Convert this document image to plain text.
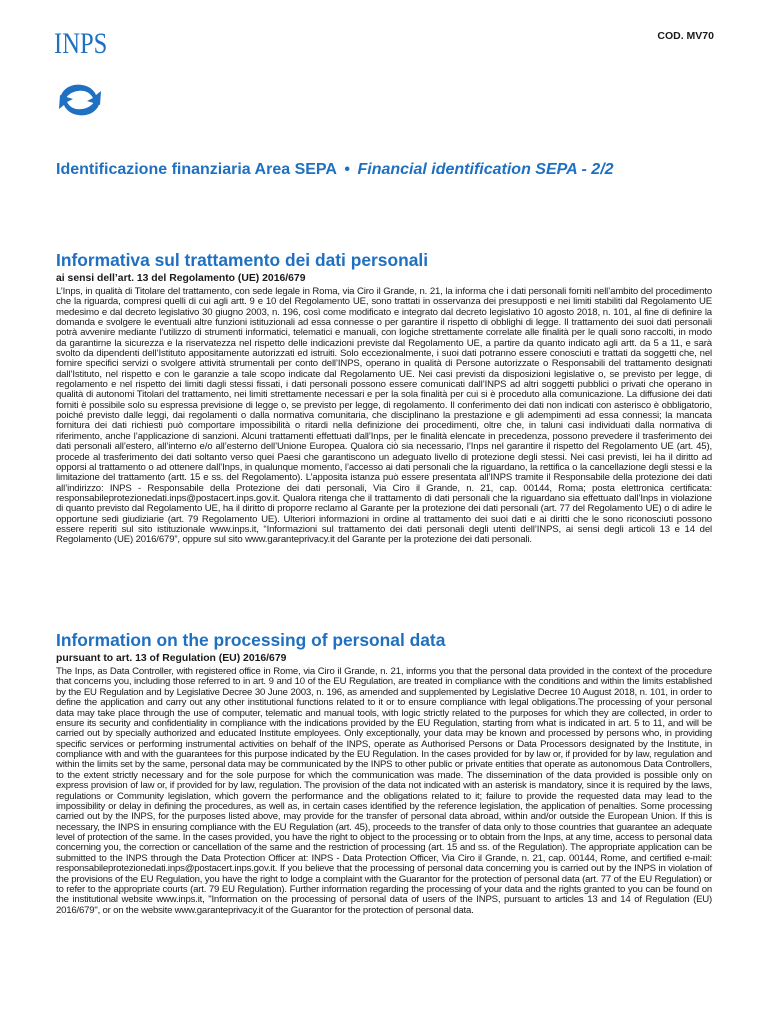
INPS	COD. MV70
Identificazione finanziaria Area SEPA • Financial identification SEPA - 2/2
Informativa sul trattamento dei dati personali
ai sensi dell’art. 13 del Regolamento (UE) 2016/679

L’Inps, in qualità di Titolare del trattamento, con sede legale in Roma, via Ciro il Grande, n. 21, la informa che i dati personali forniti nell’ambito del procedimento che la riguarda, compresi quelli di cui agli artt. 9 e 10 del Regolamento UE, sono trattati in osservanza dei presupposti e nei limiti stabiliti dal Regolamento UE medesimo e dal decreto legislativo 30 giugno 2003, n. 196, così come modificato e integrato dal decreto legislativo 10 agosto 2018, n. 101, al fine di definire la domanda e svolgere le eventuali altre funzioni istituzionali ad essa connesse o per garantire il rispetto di obblighi di legge. Il trattamento dei suoi dati personali potrà avvenire mediante l’utilizzo di strumenti informatici, telematici e manuali, con logiche strettamente correlate alle finalità per le quali sono raccolti, in modo da garantirne la sicurezza e la riservatezza nel rispetto delle indicazioni previste dal Regolamento UE, a partire da quanto indicato agli artt. da 5 a 11, e sarà svolto da dipendenti dell’Istituto appositamente autorizzati ed istruiti. Solo eccezionalmente, i suoi dati potranno essere conosciuti e trattati da soggetti che, nel fornire specifici servizi o svolgere attività strumentali per conto dell’INPS, operano in qualità di Persone autorizzate o Responsabili del trattamento designati dall’Istituto, nel rispetto e con le garanzie a tale scopo indicate dal Regolamento UE. Nei casi previsti da disposizioni legislative o, se previsto per legge, di regolamento e nel rispetto dei limiti dagli stessi fissati, i dati personali possono essere comunicati dall’INPS ad altri soggetti pubblici o privati che operano in qualità di autonomi Titolari del trattamento, nei limiti strettamente necessari e per la sola finalità per cui si è proceduto alla comunicazione. La diffusione dei dati forniti è possibile solo su espressa previsione di legge o, se previsto per legge, di regolamento. Il conferimento dei dati non indicati con asterisco è obbligatorio, poiché previsto dalle leggi, dai regolamenti o dalla normativa comunitaria, che disciplinano la prestazione e gli adempimenti ad essa connessi; la mancata fornitura dei dati richiesti può comportare impossibilità o ritardi nella definizione dei procedimenti, oltre che, in taluni casi individuati dalla normativa di riferimento, anche l’applicazione di sanzioni. Alcuni trattamenti effettuati dall’Inps, per le finalità elencate in precedenza, possono prevedere il trasferimento dei dati personali all’estero, all’interno e/o all’esterno dell’Unione Europea. Qualora ciò sia necessario, l’Inps nel garantire il rispetto del Regolamento UE (art. 45), procede al trasferimento dei dati soltanto verso quei Paesi che garantiscono un adeguato livello di protezione degli stessi. Nei casi previsti, lei ha il diritto ad opporsi al trattamento o ad ottenere dall’Inps, in qualunque momento, l’accesso ai dati personali che la riguardano, la rettifica o la cancellazione degli stessi e la limitazione del trattamento (artt. 15 e ss. del Regolamento). L’apposita istanza può essere presentata all’INPS tramite il Responsabile della protezione dei dati all’indirizzo: INPS - Responsabile della Protezione dei dati personali, Via Ciro il Grande, n. 21, cap. 00144, Roma; posta elettronica certificata: responsabileprotezionedati.inps@postacert.inps.gov.it. Qualora ritenga che il trattamento di dati personali che la riguardano sia effettuato dall’Inps in violazione di quanto previsto dal Regolamento UE, ha il diritto di proporre reclamo al Garante per la protezione dei dati personali (art. 77 del Regolamento UE) o di adire le opportune sedi giudiziarie (art. 79 Regolamento UE). Ulteriori informazioni in ordine al trattamento dei suoi dati e ai diritti che le sono riconosciuti possono essere reperiti sul sito istituzionale www.inps.it, “Informazioni sul trattamento dei dati personali degli utenti dell’INPS, ai sensi degli articoli 13 e 14 del Regolamento (UE) 2016/679”, oppure sul sito www.garanteprivacy.it del Garante per la protezione dei dati personali.

Information on the processing of personal data
pursuant to art. 13 of Regulation (EU) 2016/679

The Inps, as Data Controller, with registered office in Rome, via Ciro il Grande, n. 21, informs you that the personal data provided in the context of the procedure that concerns you, including those referred to in art. 9 and 10 of the EU Regulation, are treated in compliance with the conditions and within the limits established by the EU Regulation and by Legislative Decree 30 June 2003, n. 196, as amended and supplemented by Legislative Decree 10 August 2018, n. 101, in order to define the application and carry out any other institutional functions related to it or to ensure compliance with legal obligations.The processing of your personal data may take place through the use of computer, telematic and manual tools, with logic strictly related to the purposes for which they are collected, in order to ensure its security and confidentiality in compliance with the indications provided by the EU Regulation, starting from what is indicated in art. 5 to 11, and will be carried out by specially authorized and educated Institute employees. Only exceptionally, your data may be known and processed by persons who, in providing specific services or performing instrumental activities on behalf of the INPS, operate as Authorised Persons or Data Processors designated by the Institute, in compliance with and with the guarantees for this purpose indicated by the EU Regulation. In the cases provided for by law or, if provided for by law, regulation and within the limits set by the same, personal data may be communicated by the INPS to other public or private entities that operate as autonomous Data Controllers, to the extent strictly necessary and for the sole purpose for which the communication was made. The dissemination of the data provided is possible only on express provision of law or, if provided for by law, regulation. The provision of the data not indicated with an asterisk is mandatory, since it is required by the laws, regulations or Community legislation, which govern the performance and the obligations related to it; failure to provide the requested data may lead to the impossibility or delay in defining the procedures, as well as, in certain cases identified by the reference legislation, the application of penalties. Some processing carried out by the INPS, for the purposes listed above, may provide for the transfer of personal data abroad, within and/or outside the European Union. If this is necessary, the INPS in ensuring compliance with the EU Regulation (art. 45), proceeds to the transfer of data only to those countries that guarantee an adequate level of protection of the same. In the cases provided, you have the right to object to the processing or to obtain from the Inps, at any time, access to personal data concerning you, the correction or cancellation of the same and the restriction of processing (art. 15 and ss. of the Regulation). The appropriate application can be submitted to the INPS through the Data Protection Officer at: INPS - Data Protection Officer, Via Ciro il Grande, n. 21, cap. 00144, Rome, and certified e-mail: responsabileprotezionedati.inps@postacert.inps.gov.it. If you believe that the processing of personal data concerning you is carried out by the INPS in violation of the provisions of the EU Regulation, you have the right to lodge a complaint with the Guarantor for the protection of personal data (art. 77 of the EU Regulation) or to refer to the appropriate courts (art. 79 EU Regulation). Further information regarding the processing of your data and the rights granted to you can be found on the institutional website www.inps.it, "Information on the processing of personal data of users of the INPS, pursuant to articles 13 and 14 of Regulation (EU) 2016/679", or on the website www.garanteprivacy.it of the Guarantor for the protection of personal data.
